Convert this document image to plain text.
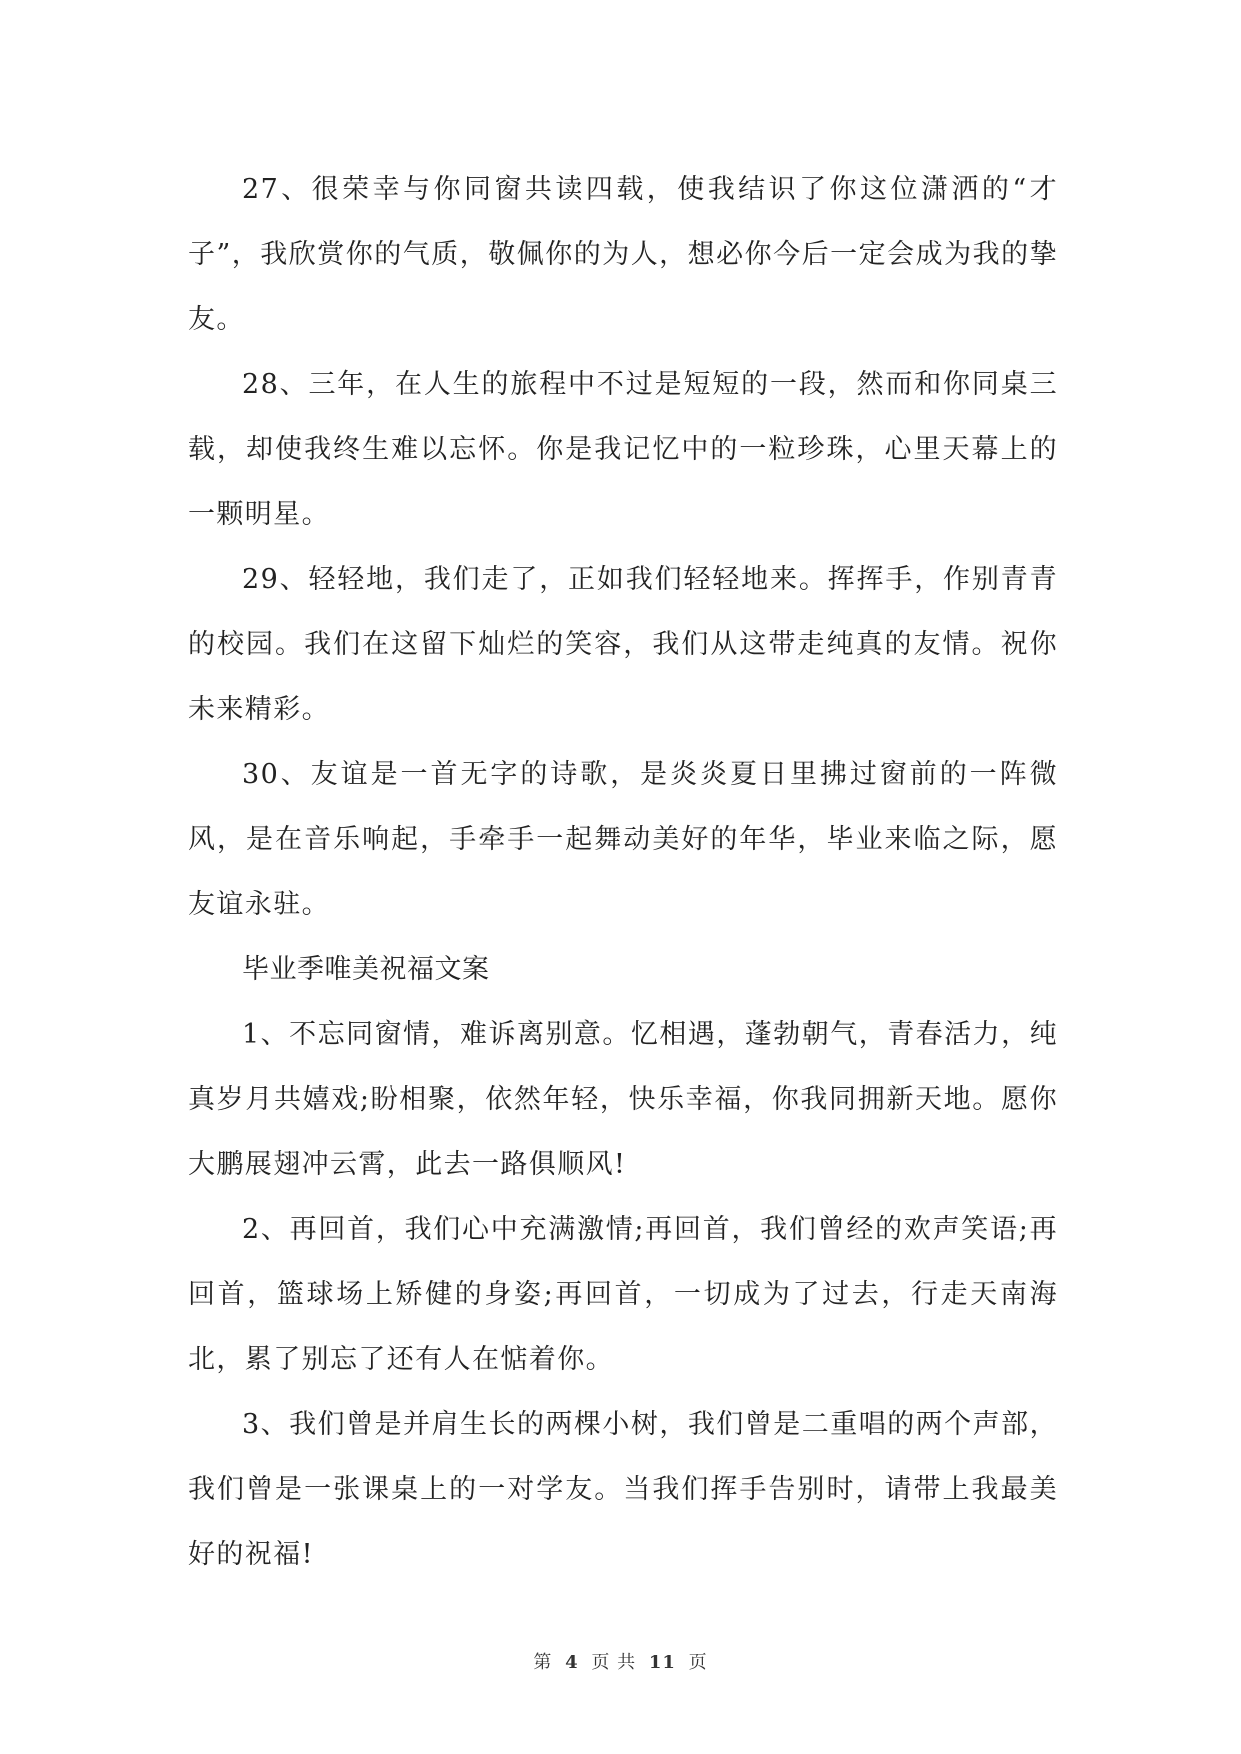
27、很荣幸与你同窗共读四载，使我结识了你这位潇洒的“才子”，我欣赏你的气质，敬佩你的为人，想必你今后一定会成为我的挚友。

28、三年，在人生的旅程中不过是短短的一段，然而和你同桌三载，却使我终生难以忘怀。你是我记忆中的一粒珍珠，心里天幕上的一颗明星。

29、轻轻地，我们走了，正如我们轻轻地来。挥挥手，作别青青的校园。我们在这留下灿烂的笑容，我们从这带走纯真的友情。祝你未来精彩。

30、友谊是一首无字的诗歌，是炎炎夏日里拂过窗前的一阵微风，是在音乐响起，手牵手一起舞动美好的年华，毕业来临之际，愿友谊永驻。

毕业季唯美祝福文案

1、不忘同窗情，难诉离别意。忆相遇，蓬勃朝气，青春活力，纯真岁月共嬉戏;盼相聚，依然年轻，快乐幸福，你我同拥新天地。愿你大鹏展翅冲云霄，此去一路俱顺风!

2、再回首，我们心中充满激情;再回首，我们曾经的欢声笑语;再回首，篮球场上矫健的身姿;再回首，一切成为了过去，行走天南海北，累了别忘了还有人在惦着你。

3、我们曾是并肩生长的两棵小树，我们曾是二重唱的两个声部，我们曾是一张课桌上的一对学友。当我们挥手告别时，请带上我最美好的祝福!

第 4 页 共 11 页
